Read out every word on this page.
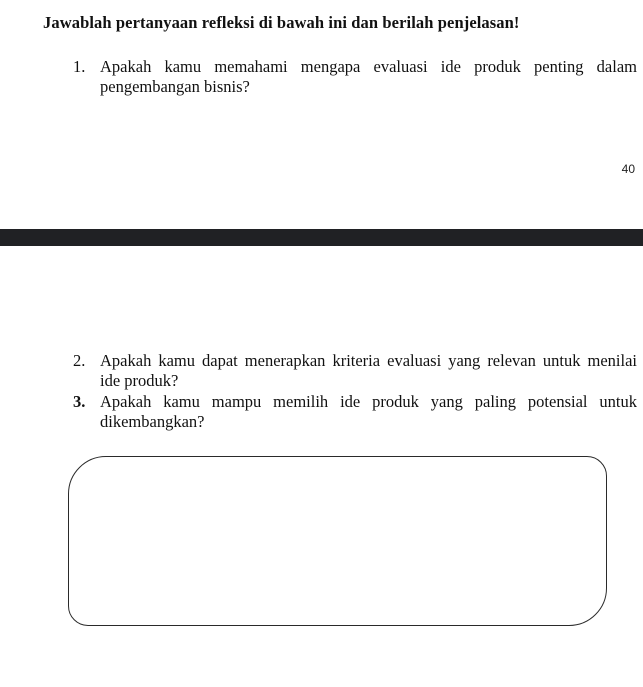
Jawablah pertanyaan refleksi di bawah ini dan berilah penjelasan!
1. Apakah kamu memahami mengapa evaluasi ide produk penting dalam
pengembangan bisnis?
40
2. Apakah kamu dapat menerapkan kriteria evaluasi yang relevan untuk menilai
ide produk?
3. Apakah kamu mampu memilih ide produk yang paling potensial untuk
dikembangkan?
